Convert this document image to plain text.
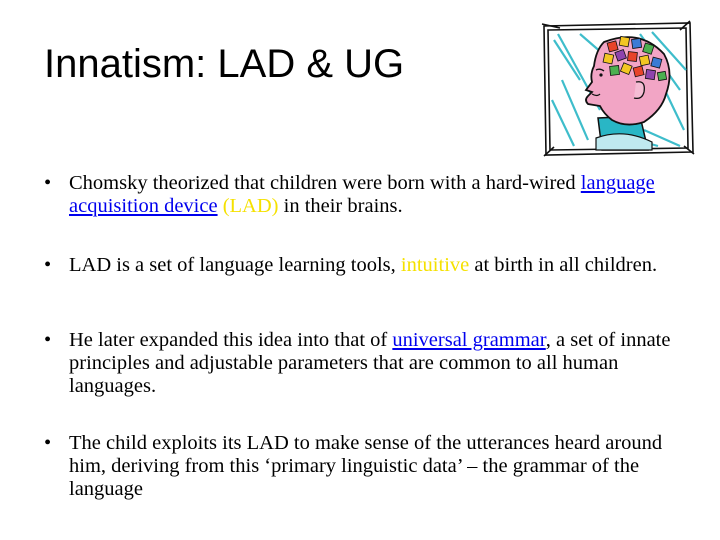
Innatism: LAD & UG
• Chomsky theorized that children were born with a hard-wired language acquisition device (LAD) in their brains.
• LAD is a set of language learning tools, intuitive at birth in all children.
• He later expanded this idea into that of universal grammar, a set of innate principles and adjustable parameters that are common to all human languages.
• The child exploits its LAD to make sense of the utterances heard around him, deriving from this ‘primary linguistic data’ – the grammar of the language
